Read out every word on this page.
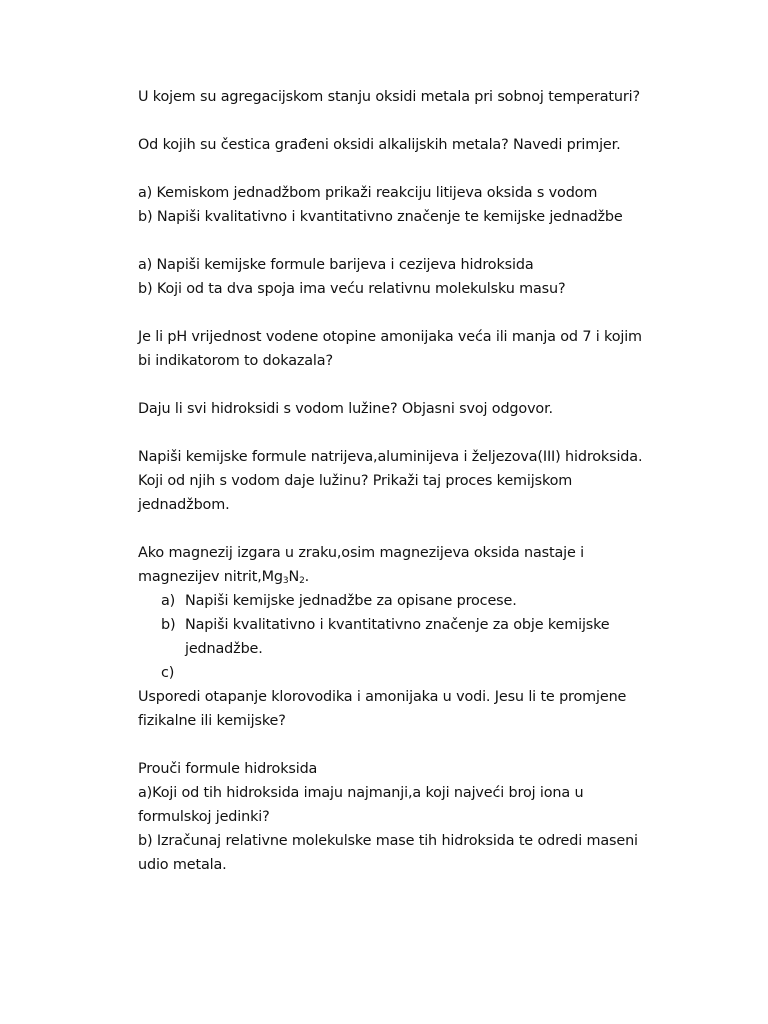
U kojem su agregacijskom stanju oksidi metala pri sobnoj temperaturi?
Od kojih su čestica građeni oksidi alkalijskih metala? Navedi primjer.
a) Kemiskom jednadžbom prikaži reakciju litijeva oksida s vodom
b) Napiši kvalitativno i kvantitativno značenje te kemijske jednadžbe
a) Napiši kemijske formule barijeva i cezijeva hidroksida
b) Koji od ta dva spoja ima veću relativnu molekulsku masu?
Je li pH vrijednost vodene otopine amonijaka veća ili manja od 7 i kojim
bi indikatorom to dokazala?
Daju li svi hidroksidi s vodom lužine? Objasni svoj odgovor.
Napiši kemijske formule natrijeva,aluminijeva i željezova(III) hidroksida.
Koji od njih s vodom daje lužinu? Prikaži taj proces kemijskom
jednadžbom.
Ako magnezij izgara u zraku,osim magnezijeva oksida nastaje i
magnezijev $nitrit,Mg_3N_2$.
a) Napiši kemijske jednadžbe za opisane procese.
b) Napiši kvalitativno i kvantitativno značenje za obje kemijske
jednadžbe.
c)
Usporedi otapanje klorovodika i amonijaka u vodi. Jesu li te promjene
fizikalne ili kemijske?
Prouči formule hidroksida
a)Koji od tih hidroksida imaju najmanji,a koji najveći broj iona u
formulskoj jedinki?
b) Izračunaj relativne molekulske mase tih hidroksida te odredi maseni
udio metala.
